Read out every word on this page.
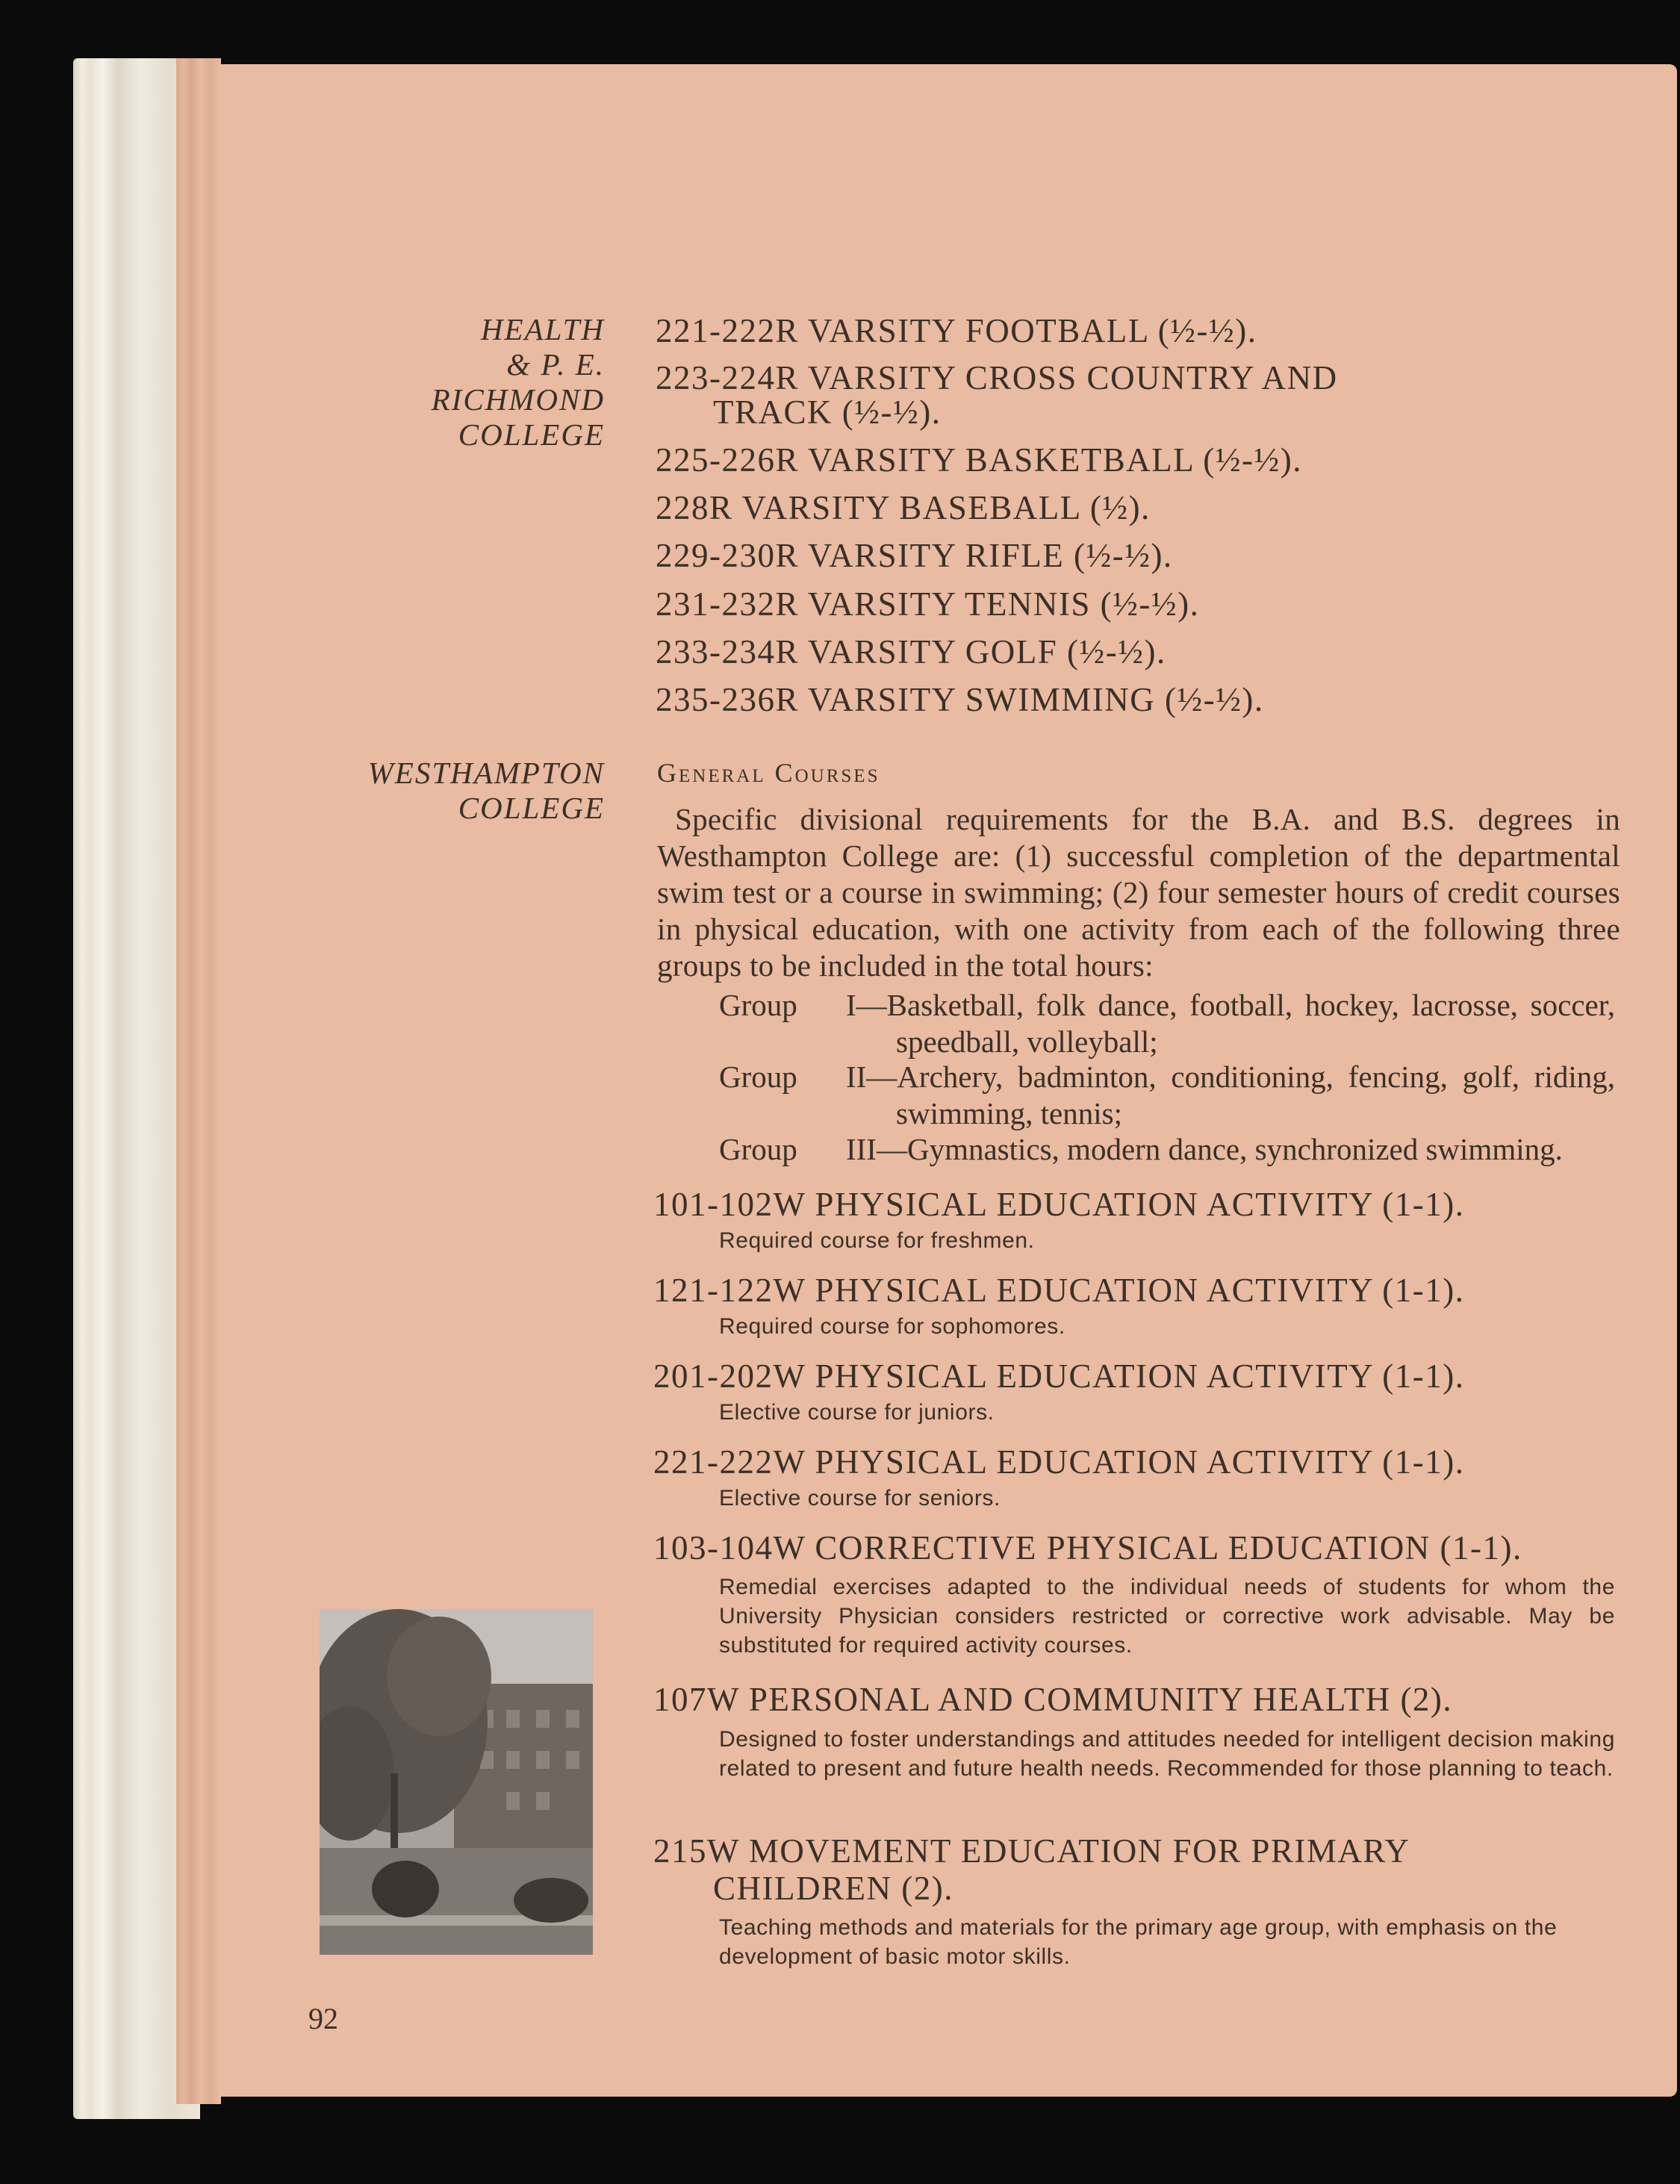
HEALTH
& P. E.
RICHMOND
COLLEGE
WESTHAMPTON
COLLEGE
221-222R VARSITY FOOTBALL (½-½).
223-224R VARSITY CROSS COUNTRY AND
TRACK (½-½).
225-226R VARSITY BASKETBALL (½-½).
228R VARSITY BASEBALL (½).
229-230R VARSITY RIFLE (½-½).
231-232R VARSITY TENNIS (½-½).
233-234R VARSITY GOLF (½-½).
235-236R VARSITY SWIMMING (½-½).
General Courses
Specific divisional requirements for the B.A. and B.S. degrees in Westhampton College are: (1) successful completion of the departmental swim test or a course in swimming; (2) four semester hours of credit courses in physical education, with one activity from each of the following three groups to be included in the total hours:
Group I—Basketball, folk dance, football, hockey, lacrosse, soccer, speedball, volleyball;
Group II—Archery, badminton, conditioning, fencing, golf, riding, swimming, tennis;
Group III—Gymnastics, modern dance, synchronized swimming.
101-102W PHYSICAL EDUCATION ACTIVITY (1-1).
Required course for freshmen.
121-122W PHYSICAL EDUCATION ACTIVITY (1-1).
Required course for sophomores.
201-202W PHYSICAL EDUCATION ACTIVITY (1-1).
Elective course for juniors.
221-222W PHYSICAL EDUCATION ACTIVITY (1-1).
Elective course for seniors.
103-104W CORRECTIVE PHYSICAL EDUCATION (1-1).
Remedial exercises adapted to the individual needs of students for whom the University Physician considers restricted or corrective work advisable. May be substituted for required activity courses.
107W PERSONAL AND COMMUNITY HEALTH (2).
Designed to foster understandings and attitudes needed for intelligent decision making related to present and future health needs. Recommended for those planning to teach.
215W MOVEMENT EDUCATION FOR PRIMARY
CHILDREN (2).
Teaching methods and materials for the primary age group, with emphasis on the development of basic motor skills.
92
